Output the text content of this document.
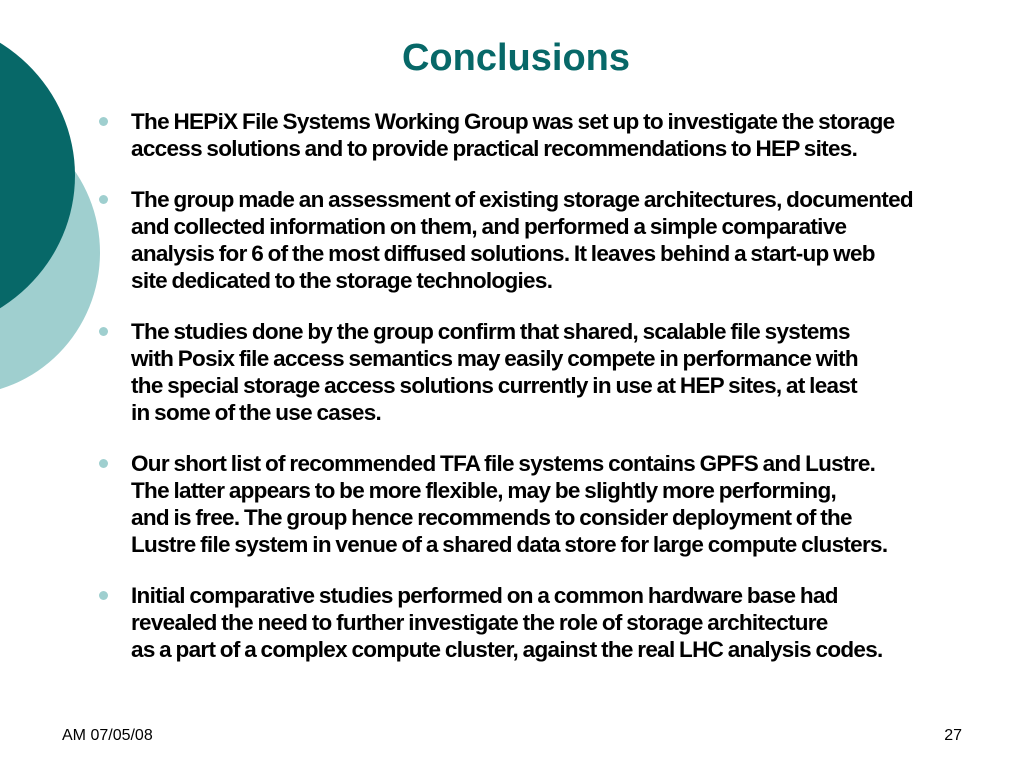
Conclusions
The HEPiX File Systems Working Group was set up to investigate the storage
access solutions and to provide practical recommendations to HEP sites.
The group made an assessment of existing storage architectures, documented
and collected information on them, and performed a simple comparative
analysis for 6 of the most diffused solutions. It leaves behind a start-up web
site dedicated to the storage technologies.
The studies done by the group confirm that shared, scalable file systems
with Posix file access semantics may easily compete in performance with
the special storage access solutions currently in use at HEP sites, at least
in some of the use cases.
Our short list of recommended TFA file systems contains GPFS and Lustre.
The latter appears to be more flexible, may be slightly more performing,
and is free. The group hence recommends to consider deployment of the
Lustre file system in venue of a shared data store for large compute clusters.
Initial comparative studies performed on a common hardware base had
revealed the need to further investigate the role of storage architecture
as a part of a complex compute cluster, against the real LHC analysis codes.
AM 07/05/08	27
